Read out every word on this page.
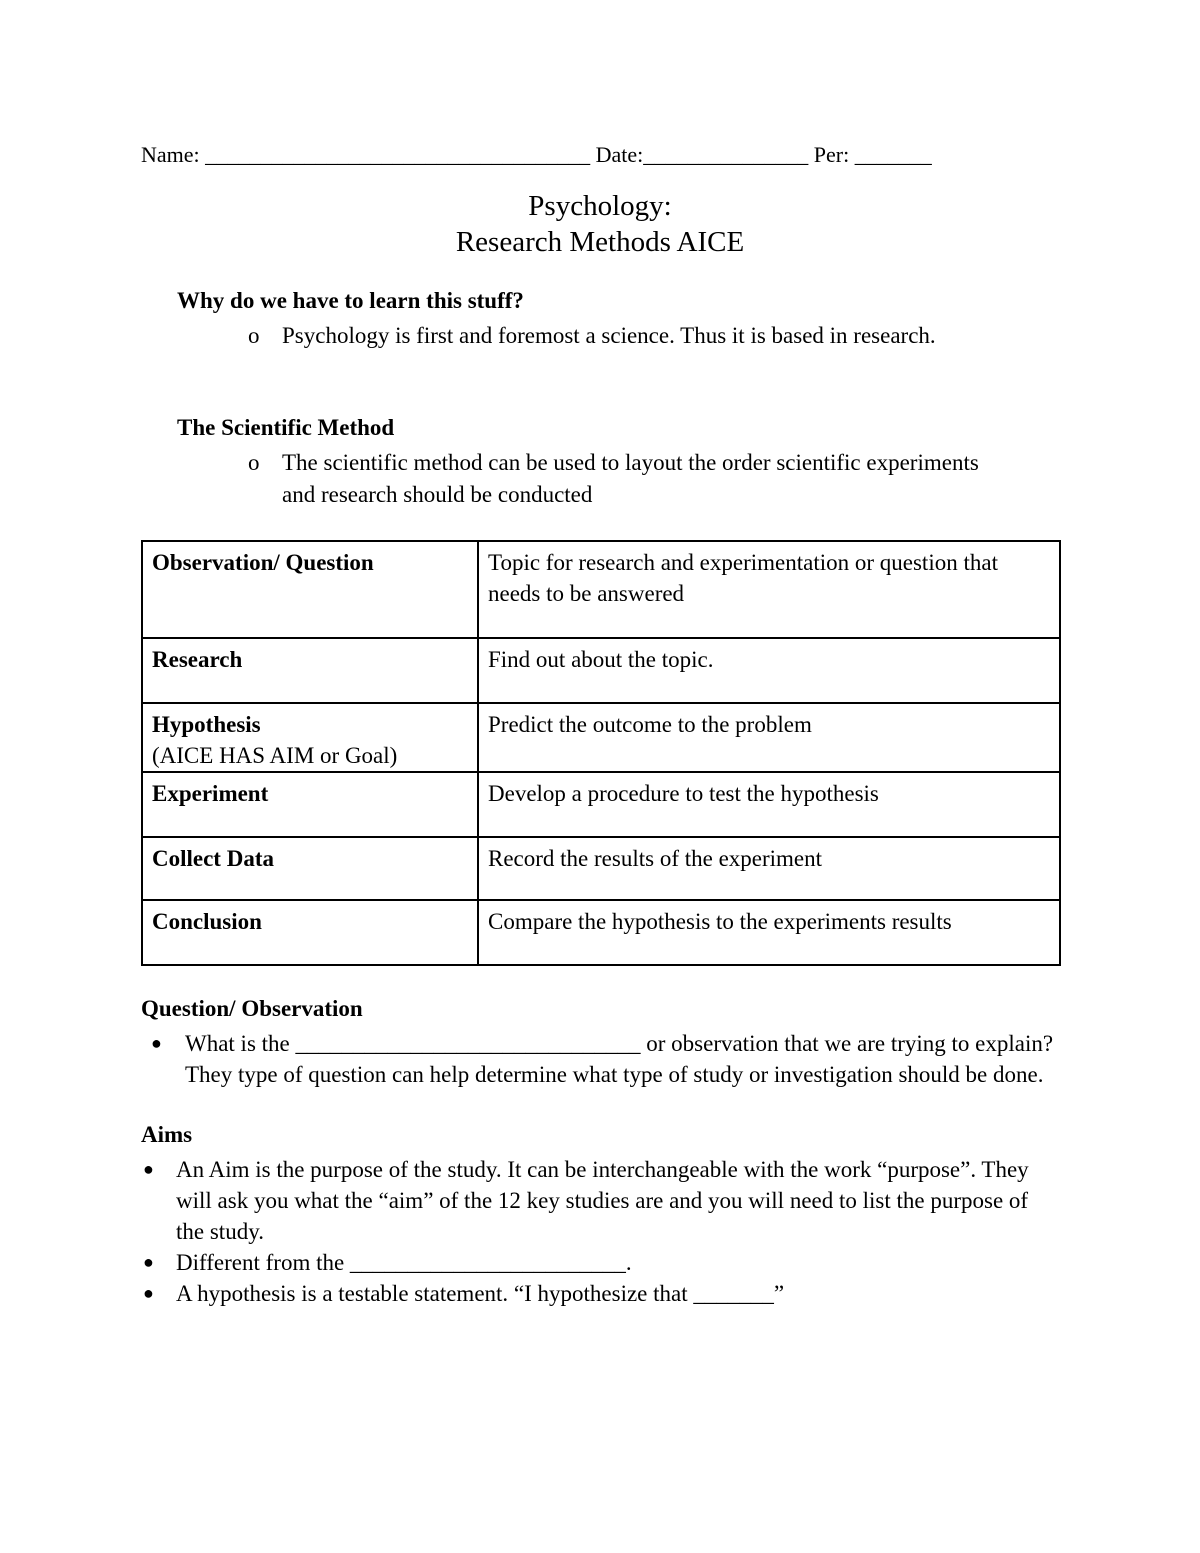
Name: ___________________________________ Date:_______________ Per: _______
Psychology:
Research Methods AICE
Why do we have to learn this stuff?
o Psychology is first and foremost a science. Thus it is based in research.
The Scientific Method
o The scientific method can be used to layout the order scientific experiments and research should be conducted
Observation/ Question	Topic for research and experimentation or question that needs to be answered
Research	Find out about the topic.
Hypothesis
(AICE HAS AIM or Goal)	Predict the outcome to the problem
Experiment	Develop a procedure to test the hypothesis
Collect Data	Record the results of the experiment
Conclusion	Compare the hypothesis to the experiments results
Question/ Observation
● What is the ______________________________ or observation that we are trying to explain? They type of question can help determine what type of study or investigation should be done.
Aims
● An Aim is the purpose of the study. It can be interchangeable with the work “purpose”. They will ask you what the “aim” of the 12 key studies are and you will need to list the purpose of the study.
● Different from the ________________________.
● A hypothesis is a testable statement. “I hypothesize that _______”
